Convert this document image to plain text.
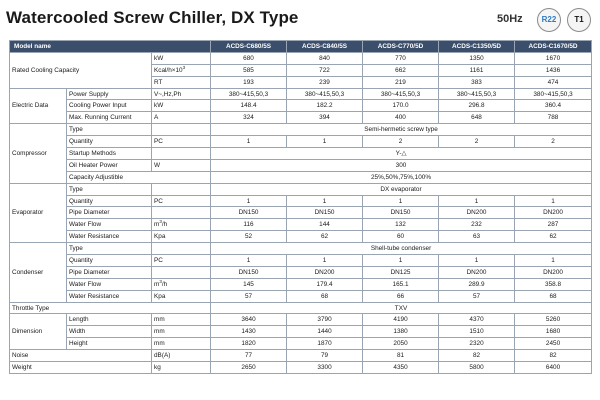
Watercooled Screw Chiller, DX Type	50Hz	R22	T1
Model name			ACDS-C680/5S	ACDS-C840/5S	ACDS-C770/5D	ACDS-C1350/5D	ACDS-C1670/5D
Rated Cooling Capacity		kW	680	840	770	1350	1670
		Kcal/$h\times 10^3$	585	722	662	1161	1436
		RT	193	239	219	383	474
Electric Data	Power Supply	V~,Hz,Ph	380~415,50,3	380~415,50,3	380~415,50,3	380~415,50,3	380~415,50,3
	Cooling Power Input	kW	148.4	182.2	170.0	296.8	360.4
	Max. Running Current	A	324	394	400	648	788
Compressor	Type		Semi-hermetic screw type				
	Quantity	PC	1	1	2	2	2
	Startup Methods		Y-△				
	Oil Heater Power	W	300				
	Capacity Adjustible		25%,50%,75%,100%				
Evaporator	Type		DX evaporator				
	Quantity	PC	1	1	1	1	1
	Pipe Diameter		DN150	DN150	DN150	DN200	DN200
	Water Flow	$m^3/h$	116	144	132	232	287
	Water Resistance	Kpa	52	62	60	63	62
Condenser	Type		Shell-tube condenser				
	Quantity	PC	1	1	1	1	1
	Pipe Diameter		DN150	DN200	DN125	DN200	DN200
	Water Flow	$m^3/h$	145	179.4	165.1	289.9	358.8
	Water Resistance	Kpa	57	68	66	57	68
Throttle Type			TXV				
Dimension	Length	mm	3640	3790	4190	4370	5260
	Width	mm	1430	1440	1380	1510	1680
	Height	mm	1820	1870	2050	2320	2450
Noise		dB(A)	77	79	81	82	82
Weight		kg	2650	3300	4350	5800	6400
